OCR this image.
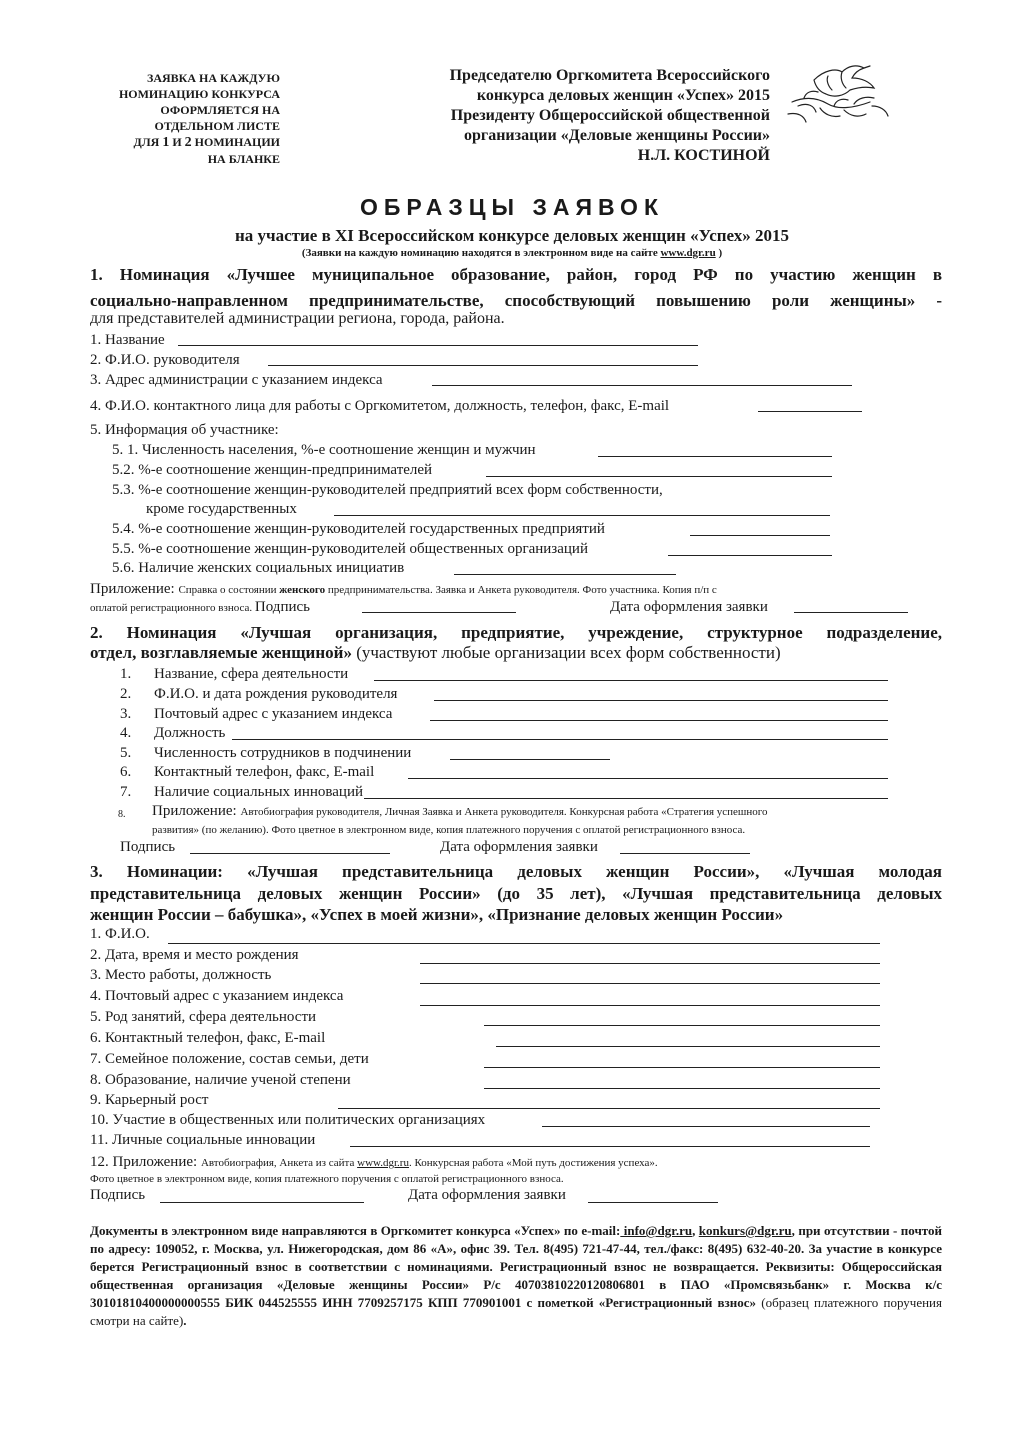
ЗАЯВКА НА КАЖДУЮ
НОМИНАЦИЮ КОНКУРСА
ОФОРМЛЯЕТСЯ НА
ОТДЕЛЬНОМ ЛИСТЕ
ДЛЯ 1 И 2 НОМИНАЦИИ
НА БЛАНКЕ
Председателю Оргкомитета Всероссийского
конкурса деловых женщин «Успех» 2015
Президенту Общероссийской общественной
организации «Деловые женщины России»
Н.Л. КОСТИНОЙ
ОБРАЗЦЫ ЗАЯВОК
на участие в XI Всероссийском конкурсе деловых женщин «Успех» 2015
(Заявки на каждую номинацию находятся в электронном виде на сайте www.dgr.ru )
1. Номинация «Лучшее муниципальное образование, район, город РФ по участию женщин в
социально-направленном предпринимательстве, способствующий повышению роли женщины» -
для представителей администрации региона, города, района.
1. Название
2. Ф.И.О. руководителя
3. Адрес администрации с указанием индекса
4. Ф.И.О. контактного лица для работы с Оргкомитетом, должность, телефон, факс, E-mail
5. Информация об участнике:
5. 1. Численность населения, %-е соотношение женщин и мужчин
5.2. %-е соотношение женщин-предпринимателей
5.3. %-е соотношение женщин-руководителей предприятий всех форм собственности,
кроме государственных
5.4. %-е соотношение женщин-руководителей государственных предприятий
5.5. %-е соотношение женщин-руководителей общественных организаций
5.6. Наличие женских социальных инициатив
Приложение: Справка о состоянии женского предпринимательства. Заявка и Анкета руководителя. Фото участника. Копия п/п с
оплатой регистрационного взноса. Подпись	Дата оформления заявки
2. Номинация «Лучшая организация, предприятие, учреждение, структурное подразделение,
отдел, возглавляемые женщиной» (участвуют любые организации всех форм собственности)
1. Название, сфера деятельности
2. Ф.И.О. и дата рождения руководителя
3. Почтовый адрес с указанием индекса
4. Должность
5. Численность сотрудников в подчинении
6. Контактный телефон, факс, E-mail
7. Наличие социальных инноваций
8. Приложение: Автобиография руководителя, Личная Заявка и Анкета руководителя. Конкурсная работа «Стратегия успешного
развития» (по желанию). Фото цветное в электронном виде, копия платежного поручения с оплатой регистрационного взноса.
Подпись	Дата оформления заявки
3. Номинации: «Лучшая представительница деловых женщин России», «Лучшая молодая
представительница деловых женщин России» (до 35 лет), «Лучшая представительница деловых
женщин России – бабушка», «Успех в моей жизни», «Признание деловых женщин России»
1. Ф.И.О.
2. Дата, время и место рождения
3. Место работы, должность
4. Почтовый адрес с указанием индекса
5. Род занятий, сфера деятельности
6. Контактный телефон, факс, E-mail
7. Семейное положение, состав семьи, дети
8. Образование, наличие ученой степени
9. Карьерный рост
10. Участие в общественных или политических организациях
11. Личные социальные инновации
12. Приложение: Автобиография, Анкета из сайта www.dgr.ru. Конкурсная работа «Мой путь достижения успеха».
Фото цветное в электронном виде, копия платежного поручения с оплатой регистрационного взноса.
Подпись	Дата оформления заявки
Документы в электронном виде направляются в Оргкомитет конкурса «Успех» по e-mail: info@dgr.ru, konkurs@dgr.ru, при отсутствии - почтой по адресу: 109052, г. Москва, ул. Нижегородская, дом 86 «А», офис 39. Тел. 8(495) 721-47-44, тел./факс: 8(495) 632-40-20. За участие в конкурсе берется Регистрационный взнос в соответствии с номинациями. Регистрационный взнос не возвращается. Реквизиты: Общероссийская общественная организация «Деловые женщины России» Р/с 40703810220120806801 в ПАО «Промсвязьбанк» г. Москва к/с 30101810400000000555 БИК 044525555 ИНН 7709257175 КПП 770901001 с пометкой «Регистрационный взнос» (образец платежного поручения смотри на сайте).
